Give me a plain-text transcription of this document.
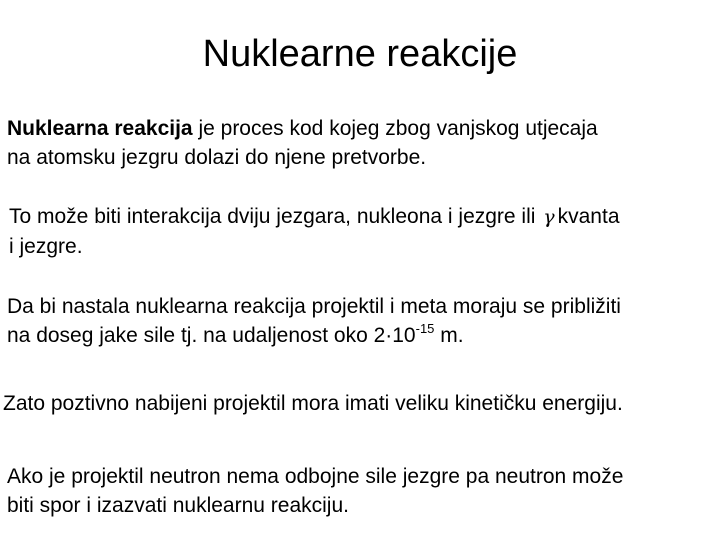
Nuklearne reakcije

Nuklearna reakcija je proces kod kojeg zbog vanjskog utjecaja
na atomsku jezgru dolazi do njene pretvorbe.

To može biti interakcija dviju jezgara, nukleona i jezgre ili γ kvanta
i jezgre.

Da bi nastala nuklearna reakcija projektil i meta moraju se približiti
na doseg jake sile tj. na udaljenost oko $2\cdot 10^{-15}$ m.

Zato poztivno nabijeni projektil mora imati veliku kinetičku energiju.

Ako je projektil neutron nema odbojne sile jezgre pa neutron može
biti spor i izazvati nuklearnu reakciju.
